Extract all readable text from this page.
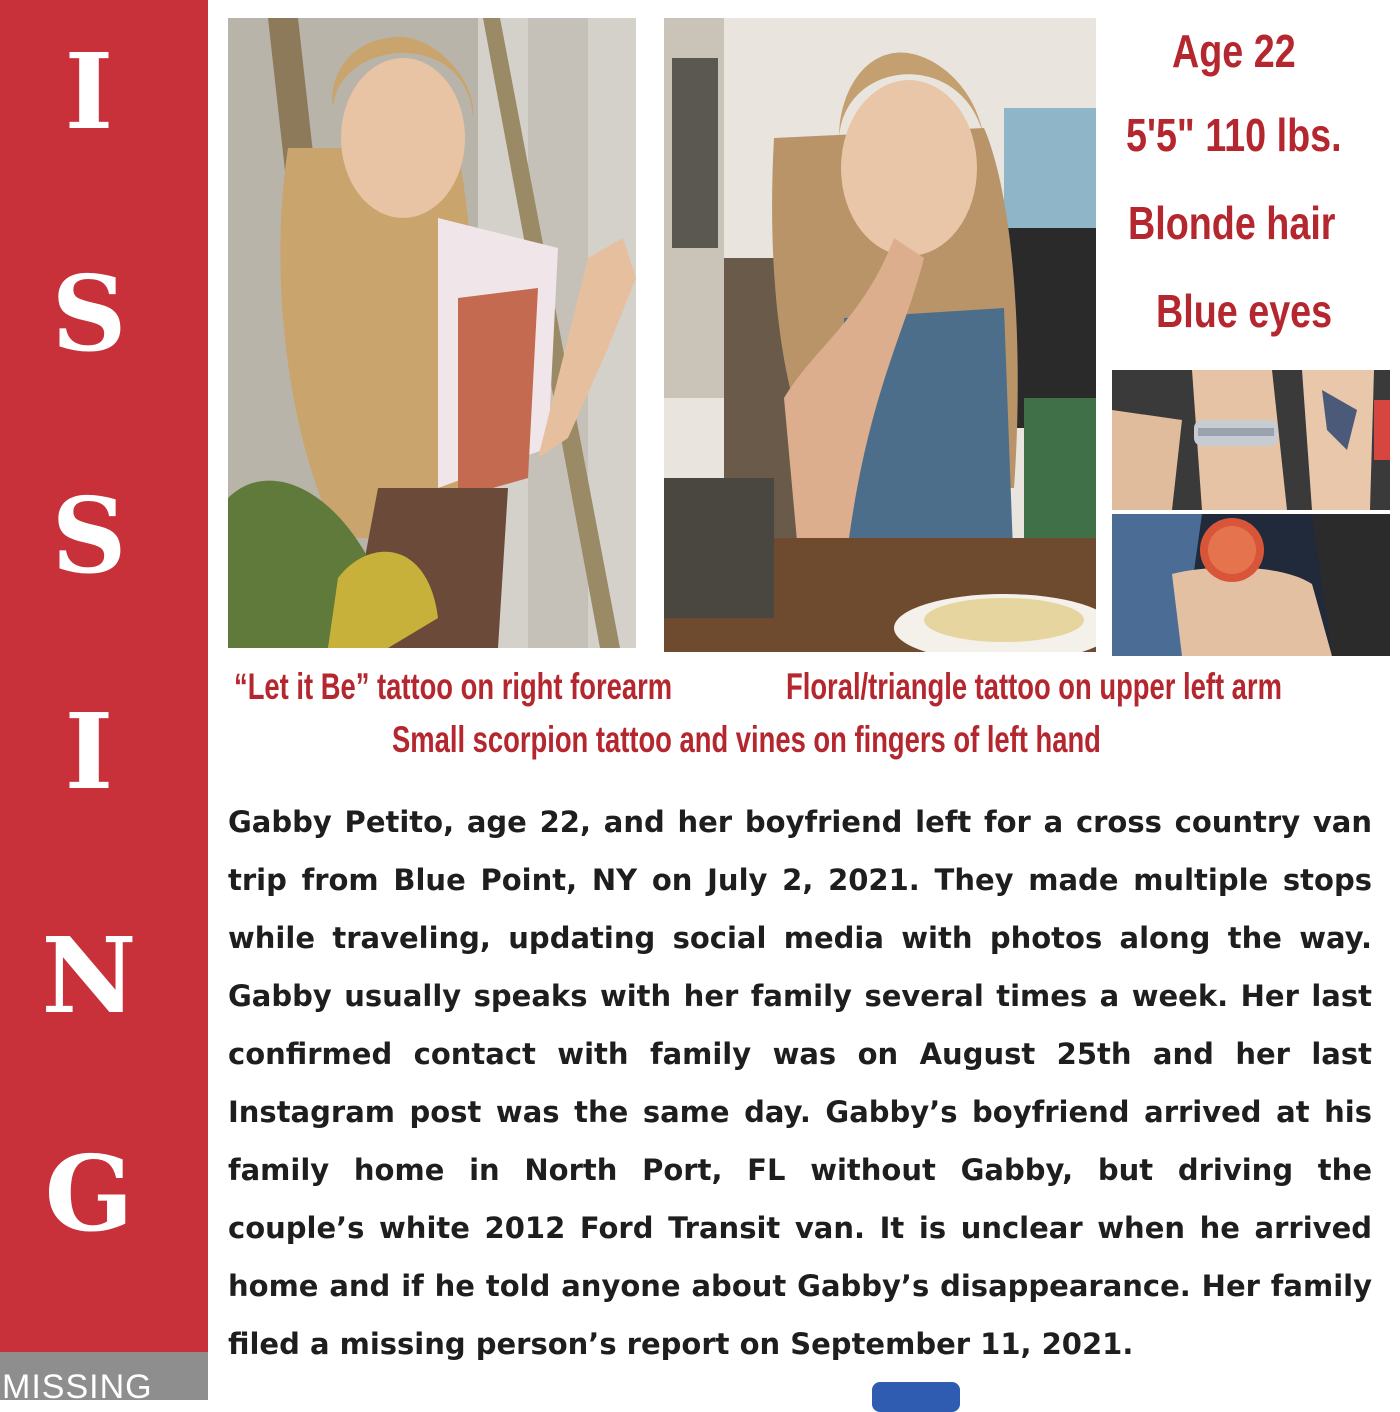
I
S
S
I
N
G
MISSING
Age 22
5'5" 110 lbs.
Blonde hair
Blue eyes
“Let it Be” tattoo on right forearm	Floral/triangle tattoo on upper left arm
Small scorpion tattoo and vines on fingers of left hand

Gabby Petito, age 22, and her boyfriend left for a cross country van trip from Blue Point, NY on July 2, 2021. They made multiple stops while traveling, updating social media with photos along the way. Gabby usually speaks with her family several times a week. Her last confirmed contact with family was on August 25th and her last Instagram post was the same day. Gabby’s boyfriend arrived at his family home in North Port, FL without Gabby, but driving the couple’s white 2012 Ford Transit van. It is unclear when he arrived home and if he told anyone about Gabby’s disappearance. Her family filed a missing person’s report on September 11, 2021.
